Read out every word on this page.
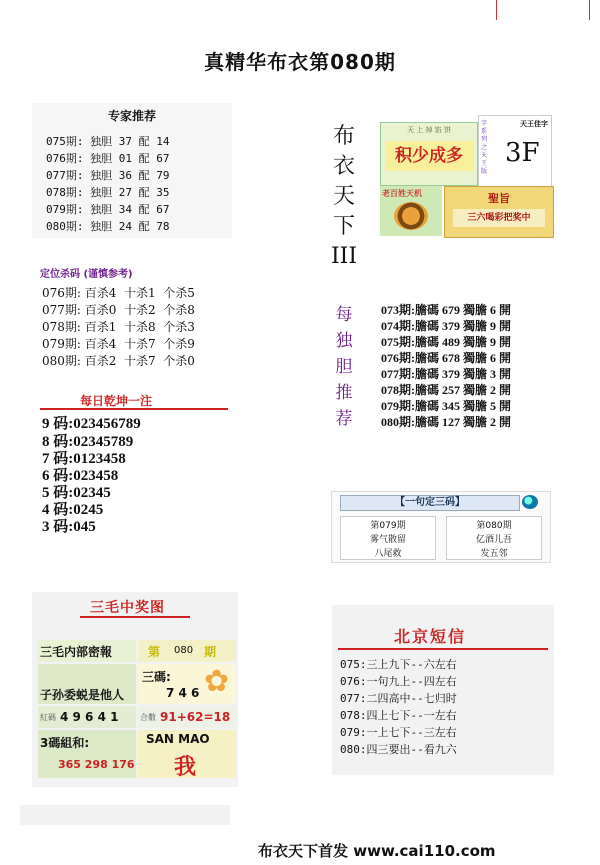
真精华布衣第080期
专家推荐
075期: 独胆 37 配 14
076期: 独胆 01 配 67
077期: 独胆 36 配 79
078期: 独胆 27 配 35
079期: 独胆 34 配 67
080期: 独胆 24 配 78
定位杀码 (谨慎参考)
076期: 百杀4  十杀1  个杀5
077期: 百杀0  十杀2  个杀8
078期: 百杀1  十杀8  个杀3
079期: 百杀4  十杀7  个杀9
080期: 百杀2  十杀7  个杀0
每日乾坤一注
9 码:023456789
8 码:02345789
7 码:0123458
6 码:023458
5 码:02345
4 码:0245
3 码:045
布
衣
天
下
III
天 上 掉 馅 饼
积少成多
字系列之天王版
天王佳字
3F
老百姓天机	聖旨
三六喝彩把奖中
每
独
胆
推
荐
073期:膽碼 679 獨膽 6 開
074期:膽碼 379 獨膽 9 開
075期:膽碼 489 獨膽 9 開
076期:膽碼 678 獨膽 6 開
077期:膽碼 379 獨膽 3 開
078期:膽碼 257 獨膽 2 開
079期:膽碼 345 獨膽 5 開
080期:膽碼 127 獨膽 2 開
【一句定三码】
第079期
雾气散留
八尾救
第080期
亿酒儿吾
发五邻
三毛中奖图
三毛内部密報	第 080 期
子孙委蜕是他人
三碼:
7 4 6 ✿
紅碼 4 9 6 4 1	合數 91+62=18
3碼組和:
365 298 176
SAN MAO
我
北京短信
075:三上九下--六左右
076:一句九上--四左右
077:二四高中--七归时
078:四上七下--一左右
079:一上七下--三左右
080:四三要出--看九六
布衣天下首发 www.cai110.com
